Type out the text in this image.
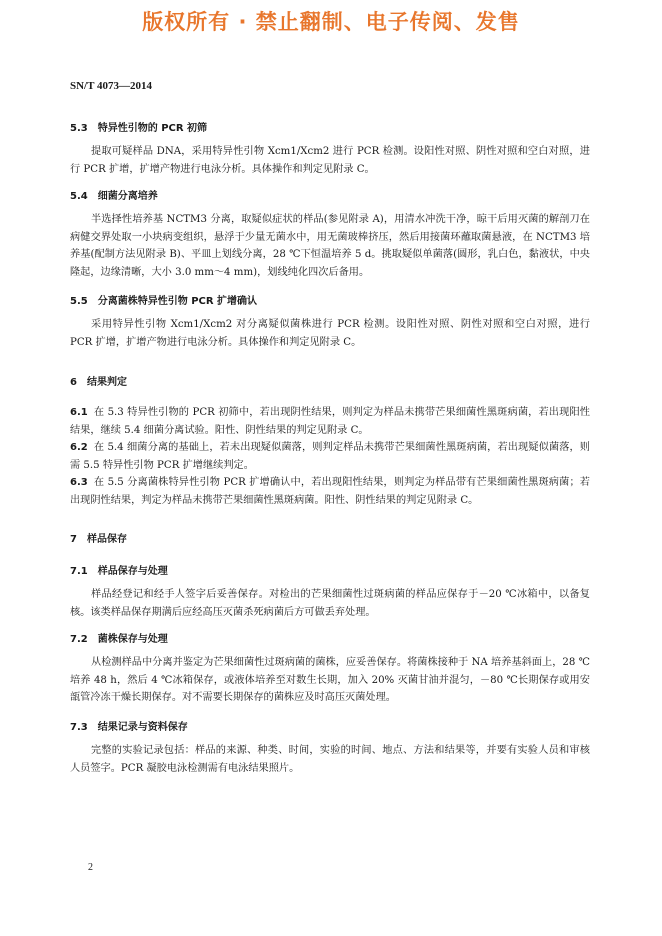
版权所有 · 禁止翻制、电子传阅、发售
SN/T 4073—2014
5.3 特异性引物的 PCR 初筛

提取可疑样品 DNA，采用特异性引物 Xcm1/Xcm2 进行 PCR 检测。设阳性对照、阴性对照和空白对照，进行 PCR 扩增，扩增产物进行电泳分析。具体操作和判定见附录 C。

5.4 细菌分离培养

半选择性培养基 NCTM3 分离，取疑似症状的样品(参见附录 A)，用清水冲洗干净，晾干后用灭菌的解剖刀在病健交界处取一小块病变组织，悬浮于少量无菌水中，用无菌玻棒挤压，然后用接菌环蘸取菌悬液，在 NCTM3 培养基(配制方法见附录 B)、平皿上划线分离，28 ℃下恒温培养 5 d。挑取疑似单菌落(圆形，乳白色，黏液状，中央隆起，边缘清晰，大小 3.0 mm～4 mm)，划线纯化四次后备用。

5.5 分离菌株特异性引物 PCR 扩增确认

采用特异性引物 Xcm1/Xcm2 对分离疑似菌株进行 PCR 检测。设阳性对照、阴性对照和空白对照，进行 PCR 扩增，扩增产物进行电泳分析。具体操作和判定见附录 C。

6 结果判定

6.1 在 5.3 特异性引物的 PCR 初筛中，若出现阴性结果，则判定为样品未携带芒果细菌性黑斑病菌，若出现阳性结果，继续 5.4 细菌分离试验。阳性、阴性结果的判定见附录 C。

6.2 在 5.4 细菌分离的基础上，若未出现疑似菌落，则判定样品未携带芒果细菌性黑斑病菌，若出现疑似菌落，则需 5.5 特异性引物 PCR 扩增继续判定。

6.3 在 5.5 分离菌株特异性引物 PCR 扩增确认中，若出现阳性结果，则判定为样品带有芒果细菌性黑斑病菌；若出现阴性结果，判定为样品未携带芒果细菌性黑斑病菌。阳性、阴性结果的判定见附录 C。

7 样品保存
7.1 样品保存与处理

样品经登记和经手人签字后妥善保存。对检出的芒果细菌性过斑病菌的样品应保存于－20 ℃冰箱中，以备复核。该类样品保存期满后应经高压灭菌杀死病菌后方可做丢弃处理。

7.2 菌株保存与处理

从检测样品中分离并鉴定为芒果细菌性过斑病菌的菌株，应妥善保存。将菌株接种于 NA 培养基斜面上，28 ℃培养 48 h，然后 4 ℃冰箱保存，或液体培养至对数生长期，加入 20% 灭菌甘油并混匀，－80 ℃长期保存或用安瓿管冷冻干燥长期保存。对不需要长期保存的菌株应及时高压灭菌处理。

7.3 结果记录与资料保存

完整的实验记录包括：样品的来源、种类、时间，实验的时间、地点、方法和结果等，并要有实验人员和审核人员签字。PCR 凝胶电泳检测需有电泳结果照片。

2
